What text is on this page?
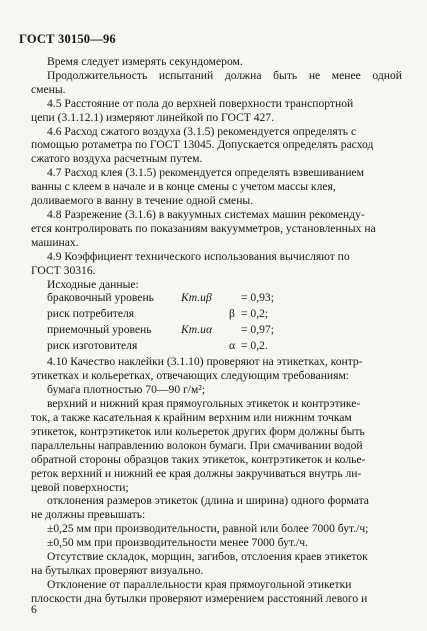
ГОСТ 30150—96

Время следует измерять секундомером.

Продолжительность испытаний должна быть не менее одной
смены.

4.5 Расстояние от пола до верхней поверхности транспортной
цепи (3.1.12.1) измеряют линейкой по ГОСТ 427.

4.6 Расход сжатого воздуха (3.1.5) рекомендуется определять с
помощью ротаметра по ГОСТ 13045. Допускается определять расход
сжатого воздуха расчетным путем.

4.7 Расход клея (3.1.5) рекомендуется определять взвешиванием
ванны с клеем в начале и в конце смены с учетом массы клея,
доливаемого в ванну в течение одной смены.

4.8 Разрежение (3.1.6) в вакуумных системах машин рекоменду-
ется контролировать по показаниям вакуумметров, установленных на
машинах.

4.9 Коэффициент технического использования вычисляют по
ГОСТ 30316.

Исходные данные:

браковочный уровень Kт.иβ	= 0,93;
риск потребителя	β = 0,2;
приемочный уровень	Kт.иα = 0,97;
риск изготовителя	α = 0,2.

4.10 Качество наклейки (3.1.10) проверяют на этикетках, контр-
этикетках и кольеретках, отвечающих следующим требованиям:

бумага плотностью 70—90 г/м²;

верхний и нижний края прямоугольных этикеток и контрэтике-
ток, а также касательная к крайним верхним или нижним точкам
этикеток, контрэтикеток или кольереток других форм должны быть
параллельны направлению волокон бумаги. При смачивании водой
обратной стороны образцов таких этикеток, контрэтикеток и колье-
реток верхний и нижний ее края должны закручиваться внутрь ли-
цевой поверхности;

отклонения размеров этикеток (длина и ширина) одного формата
не должны превышать:

±0,25 мм при производительности, равной или более 7000 бут./ч;

±0,50 мм при производительности менее 7000 бут./ч.

Отсутствие складок, морщин, загибов, отслоения краев этикеток
на бутылках проверяют визуально.

Отклонение от параллельности края прямоугольной этикетки
плоскости дна бутылки проверяют измерением расстояний левого и

6
